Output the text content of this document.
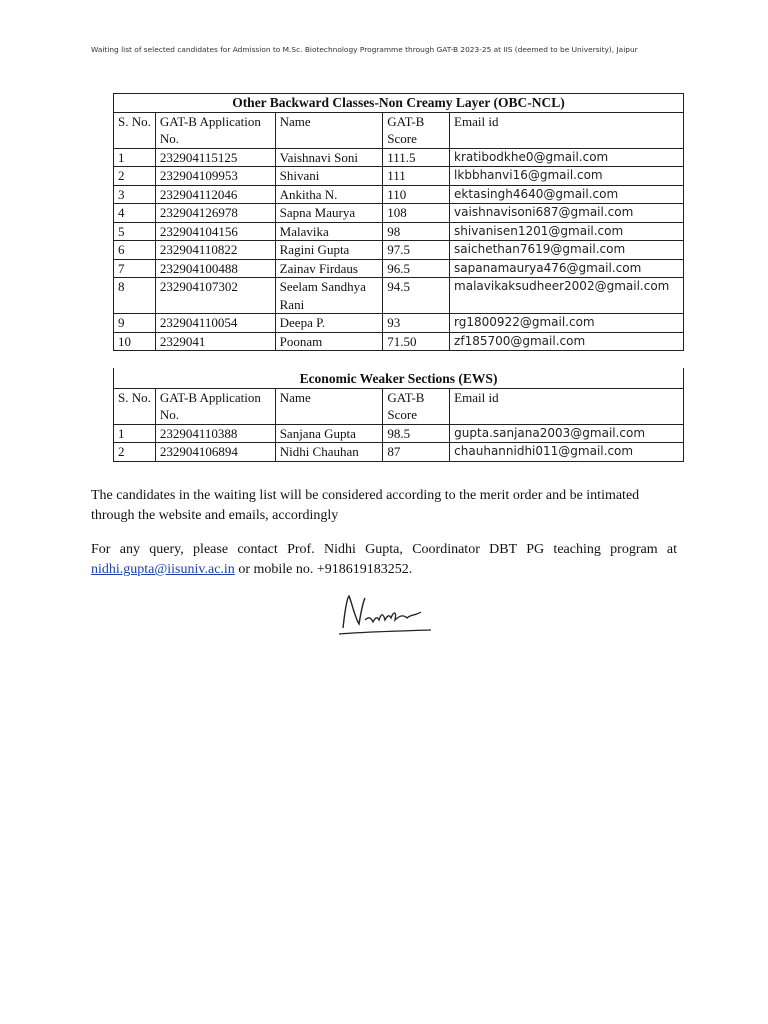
Waiting list of selected candidates for Admission to M.Sc. Biotechnology Programme through GAT-B 2023-25 at IIS (deemed to be University), Jaipur
Other Backward Classes-Non Creamy Layer (OBC-NCL)				
S. No.	GAT-B Application No.	Name	GAT-B Score	Email id
1	232904115125	Vaishnavi Soni	111.5	kratibodkhe0@gmail.com
2	232904109953	Shivani	111	lkbbhanvi16@gmail.com
3	232904112046	Ankitha N.	110	ektasingh4640@gmail.com
4	232904126978	Sapna Maurya	108	vaishnavisoni687@gmail.com
5	232904104156	Malavika	98	shivanisen1201@gmail.com
6	232904110822	Ragini Gupta	97.5	saichethan7619@gmail.com
7	232904100488	Zainav Firdaus	96.5	sapanamaurya476@gmail.com
8	232904107302	Seelam Sandhya Rani	94.5	malavikaksudheer2002@gmail.com
9	232904110054	Deepa P.	93	rg1800922@gmail.com
10	2329041	Poonam	71.50	zf185700@gmail.com
Economic Weaker Sections (EWS)				
S. No.	GAT-B Application No.	Name	GAT-B Score	Email id
1	232904110388	Sanjana Gupta	98.5	gupta.sanjana2003@gmail.com
2	232904106894	Nidhi Chauhan	87	chauhannidhi011@gmail.com
The candidates in the waiting list will be considered according to the merit order and be intimated through the website and emails, accordingly
For any query, please contact Prof. Nidhi Gupta, Coordinator DBT PG teaching program at nidhi.gupta@iisuniv.ac.in or mobile no. +918619183252.
